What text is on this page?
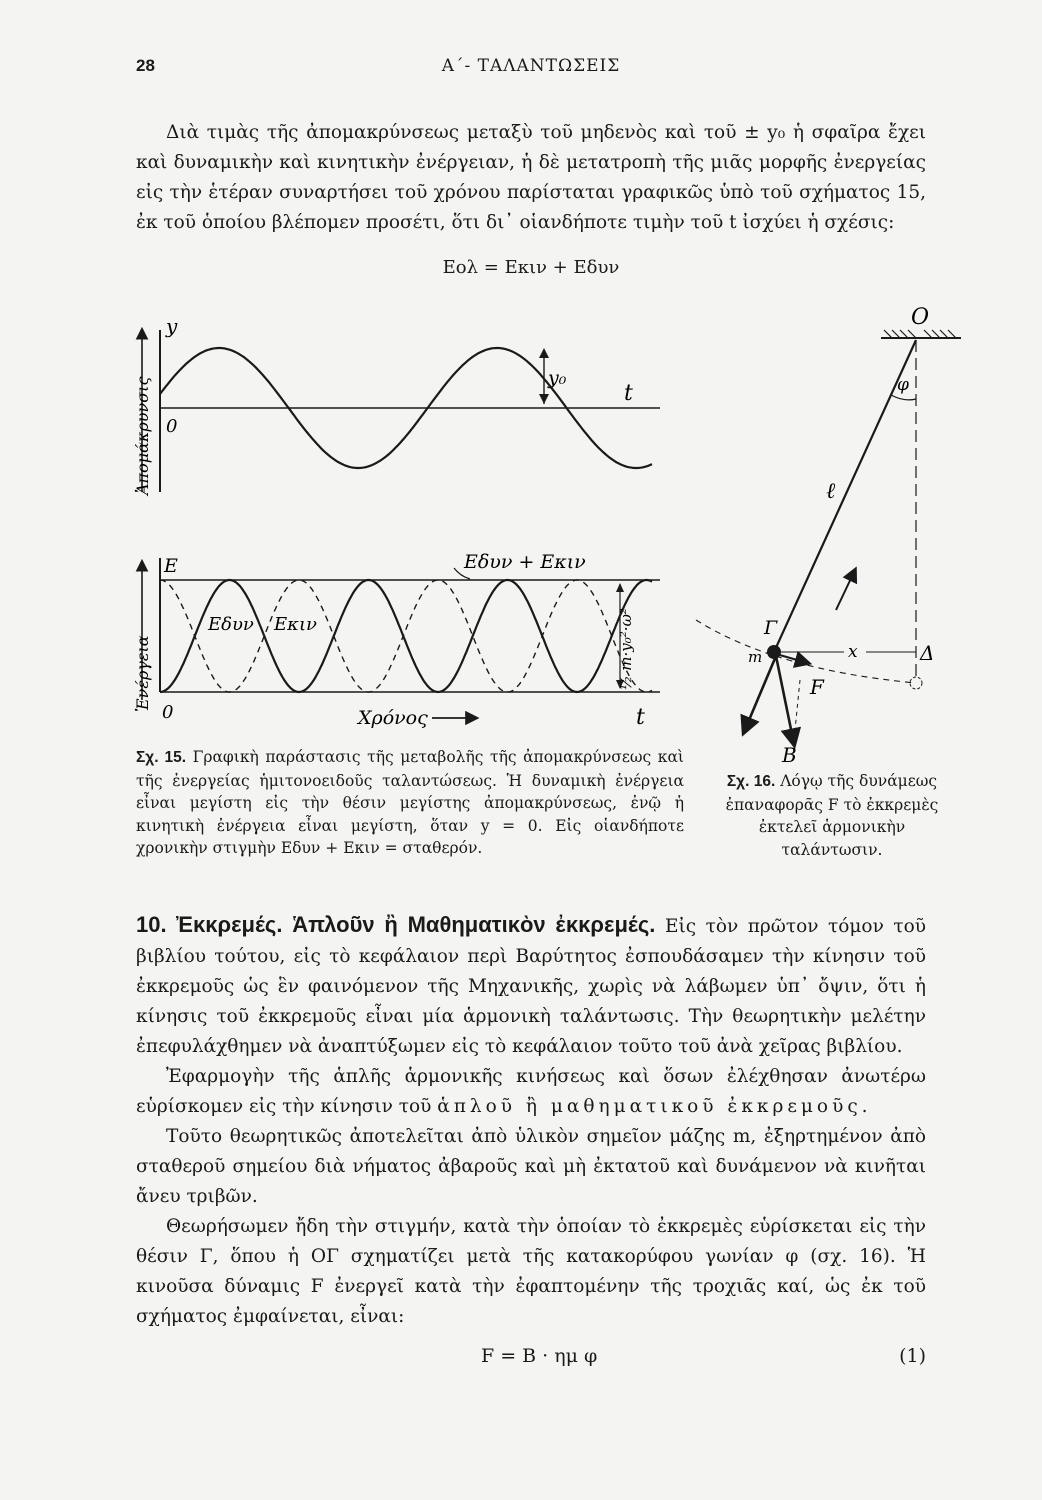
28	Α΄- ΤΑΛΑΝΤΩΣΕΙΣ

Διὰ τιμὰς τῆς ἀπομακρύνσεως μεταξὺ τοῦ μηδενὸς καὶ τοῦ ± y₀ ἡ σφαῖρα ἔχει καὶ δυναμικὴν καὶ κινητικὴν ἐνέργειαν, ἡ δὲ μετατροπὴ τῆς μιᾶς μορφῆς ἐνεργείας εἰς τὴν ἑτέραν συναρτήσει τοῦ χρόνου παρίσταται γραφικῶς ὑπὸ τοῦ σχήματος 15, ἐκ τοῦ ὁποίου βλέπομεν προσέτι, ὅτι δι᾽ οἱανδήποτε τιμὴν τοῦ t ἰσχύει ἡ σχέσις:

Eολ = Eκιν + Eδυν
Ἀπομάκρυνσις
y
0
y₀
t
Ἐνέργεια
E	Eδυν + Eκιν
Eδυν Eκιν	½ m·y₀²·ω²
0	Χρόνος	t
O
φ
ℓ
Γ
m	x	Δ
F
B
Σχ. 15. Γραφικὴ παράστασις τῆς μεταβολῆς τῆς ἀπομακρύνσεως καὶ τῆς ἐνεργείας ἡμιτονοειδοῦς ταλαντώσεως. Ἡ δυναμικὴ ἐνέργεια εἶναι μεγίστη εἰς τὴν θέσιν μεγίστης ἀπομακρύνσεως, ἐνῷ ἡ κινητικὴ ἐνέργεια εἶναι μεγίστη, ὅταν y = 0. Εἰς οἱανδήποτε χρονικὴν στιγμὴν Eδυν + Eκιν = σταθερόν.
Σχ. 16. Λόγῳ τῆς δυνάμεως ἐπαναφορᾶς F τὸ ἐκκρεμὲς ἐκτελεῖ ἁρμονικὴν ταλάντωσιν.

10. Ἐκκρεμές. Ἁπλοῦν ἢ Μαθηματικὸν ἐκκρεμές. Εἰς τὸν πρῶτον τόμον τοῦ βιβλίου τούτου, εἰς τὸ κεφάλαιον περὶ Βαρύτητος ἐσπουδάσαμεν τὴν κίνησιν τοῦ ἐκκρεμοῦς ὡς ἓν φαινόμενον τῆς Μηχανικῆς, χωρὶς νὰ λάβωμεν ὑπ᾽ ὄψιν, ὅτι ἡ κίνησις τοῦ ἐκκρεμοῦς εἶναι μία ἁρμονικὴ ταλάντωσις. Τὴν θεωρητικὴν μελέτην ἐπεφυλάχθημεν νὰ ἀναπτύξωμεν εἰς τὸ κεφάλαιον τοῦτο τοῦ ἀνὰ χεῖρας βιβλίου.

Ἐφαρμογὴν τῆς ἁπλῆς ἁρμονικῆς κινήσεως καὶ ὅσων ἐλέχθησαν ἀνωτέρω εὑρίσκομεν εἰς τὴν κίνησιν τοῦ ἁπλοῦ ἢ μαθηματικοῦ ἐκκρεμοῦς.

Τοῦτο θεωρητικῶς ἀποτελεῖται ἀπὸ ὑλικὸν σημεῖον μάζης m, ἐξηρτημένον ἀπὸ σταθεροῦ σημείου διὰ νήματος ἀβαροῦς καὶ μὴ ἐκτατοῦ καὶ δυνάμενον νὰ κινῆται ἄνευ τριβῶν.

Θεωρήσωμεν ἤδη τὴν στιγμήν, κατὰ τὴν ὁποίαν τὸ ἐκκρεμὲς εὑρίσκεται εἰς τὴν θέσιν Γ, ὅπου ἡ ΟΓ σχηματίζει μετὰ τῆς κατακορύφου γωνίαν φ (σχ. 16). Ἡ κινοῦσα δύναμις F ἐνεργεῖ κατὰ τὴν ἐφαπτομένην τῆς τροχιᾶς καί, ὡς ἐκ τοῦ σχήματος ἐμφαίνεται, εἶναι:

F = B · ημ φ	(1)
